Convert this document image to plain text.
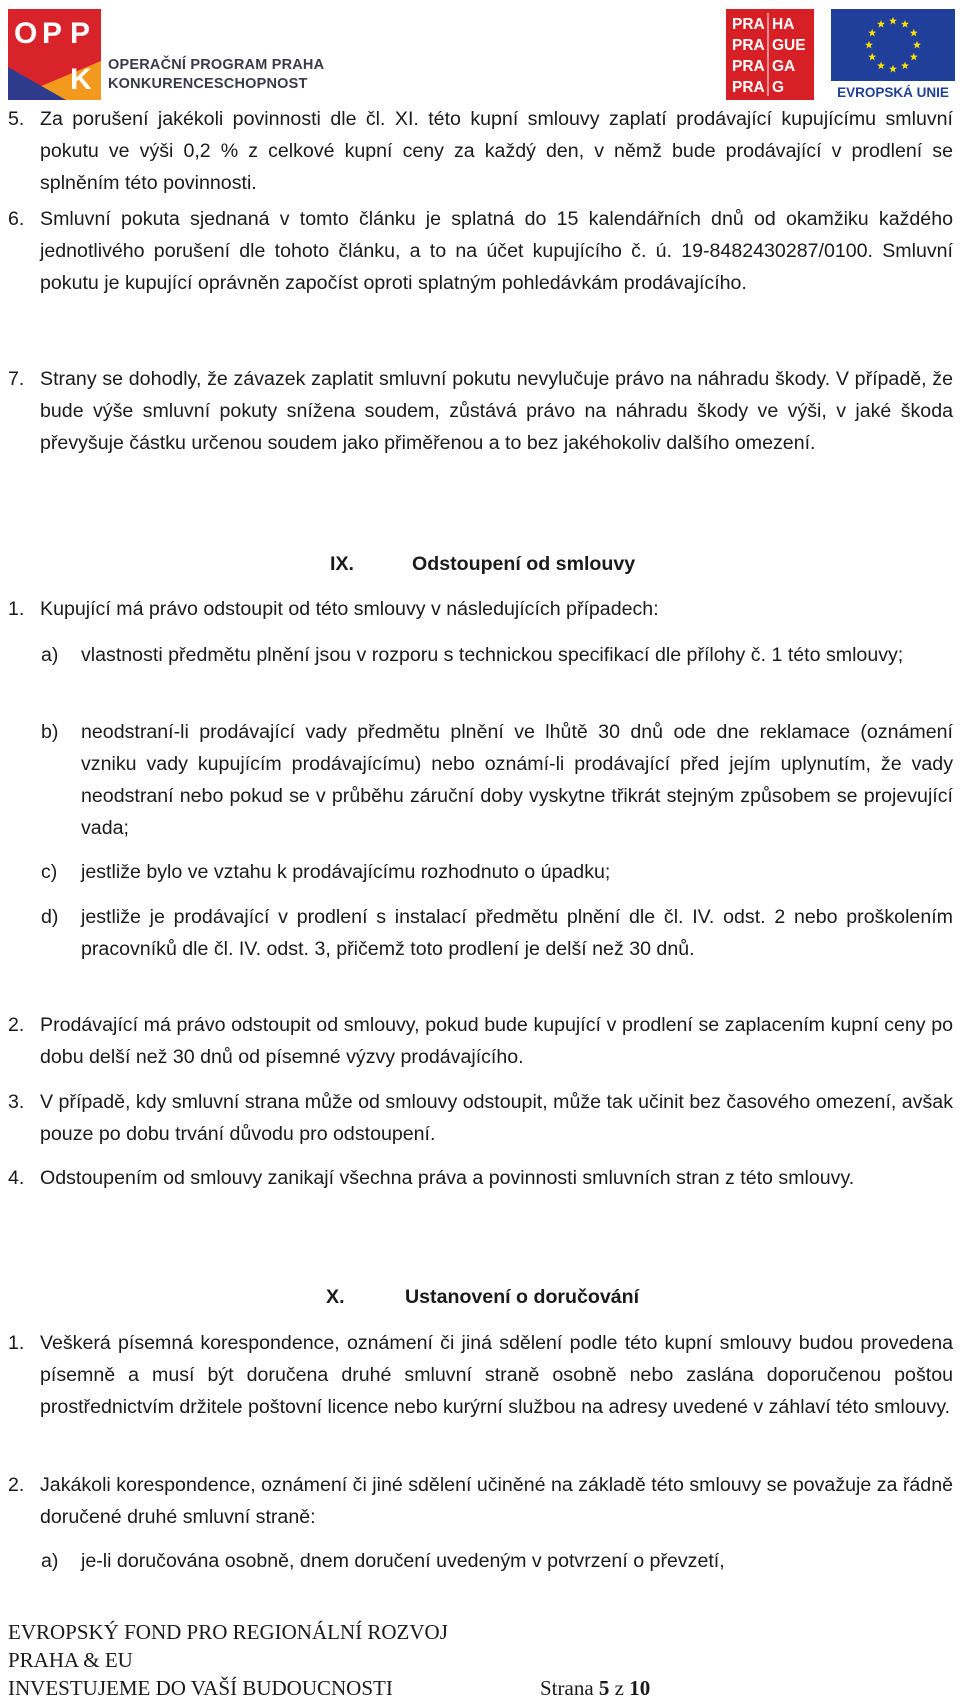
O P P
K OPERAČNÍ PROGRAM PRAHA
KONKURENCESCHOPNOST
PRA HA
PRA GUE
PRA GA
PRA G	EVROPSKÁ UNIE
5. Za porušení jakékoli povinnosti dle čl. XI. této kupní smlouvy zaplatí prodávající kupujícímu smluvní pokutu ve výši 0,2 % z celkové kupní ceny za každý den, v němž bude prodávající v prodlení se splněním této povinnosti.
6. Smluvní pokuta sjednaná v tomto článku je splatná do 15 kalendářních dnů od okamžiku každého jednotlivého porušení dle tohoto článku, a to na účet kupujícího č. ú. 19-8482430287/0100. Smluvní pokutu je kupující oprávněn započíst oproti splatným pohledávkám prodávajícího.
7. Strany se dohodly, že závazek zaplatit smluvní pokutu nevylučuje právo na náhradu škody. V případě, že bude výše smluvní pokuty snížena soudem, zůstává právo na náhradu škody ve výši, v jaké škoda převyšuje částku určenou soudem jako přiměřenou a to bez jakéhokoliv dalšího omezení.
IX.	Odstoupení od smlouvy
1. Kupující má právo odstoupit od této smlouvy v následujících případech:
a) vlastnosti předmětu plnění jsou v rozporu s technickou specifikací dle přílohy č. 1 této smlouvy;
b) neodstraní-li prodávající vady předmětu plnění ve lhůtě 30 dnů ode dne reklamace (oznámení vzniku vady kupujícím prodávajícímu) nebo oznámí-li prodávající před jejím uplynutím, že vady neodstraní nebo pokud se v průběhu záruční doby vyskytne třikrát stejným způsobem se projevující vada;
c) jestliže bylo ve vztahu k prodávajícímu rozhodnuto o úpadku;
d) jestliže je prodávající v prodlení s instalací předmětu plnění dle čl. IV. odst. 2 nebo proškolením pracovníků dle čl. IV. odst. 3, přičemž toto prodlení je delší než 30 dnů.
2. Prodávající má právo odstoupit od smlouvy, pokud bude kupující v prodlení se zaplacením kupní ceny po dobu delší než 30 dnů od písemné výzvy prodávajícího.
3. V případě, kdy smluvní strana může od smlouvy odstoupit, může tak učinit bez časového omezení, avšak pouze po dobu trvání důvodu pro odstoupení.
4. Odstoupením od smlouvy zanikají všechna práva a povinnosti smluvních stran z této smlouvy.
X.	Ustanovení o doručování
1. Veškerá písemná korespondence, oznámení či jiná sdělení podle této kupní smlouvy budou provedena písemně a musí být doručena druhé smluvní straně osobně nebo zaslána doporučenou poštou prostřednictvím držitele poštovní licence nebo kurýrní službou na adresy uvedené v záhlaví této smlouvy.
2. Jakákoli korespondence, oznámení či jiné sdělení učiněné na základě této smlouvy se považuje za řádně doručené druhé smluvní straně:
a) je-li doručována osobně, dnem doručení uvedeným v potvrzení o převzetí,
EVROPSKÝ FOND PRO REGIONÁLNÍ ROZVOJ
PRAHA & EU
INVESTUJEME DO VAŠÍ BUDOUCNOSTI	Strana 5 z 10
